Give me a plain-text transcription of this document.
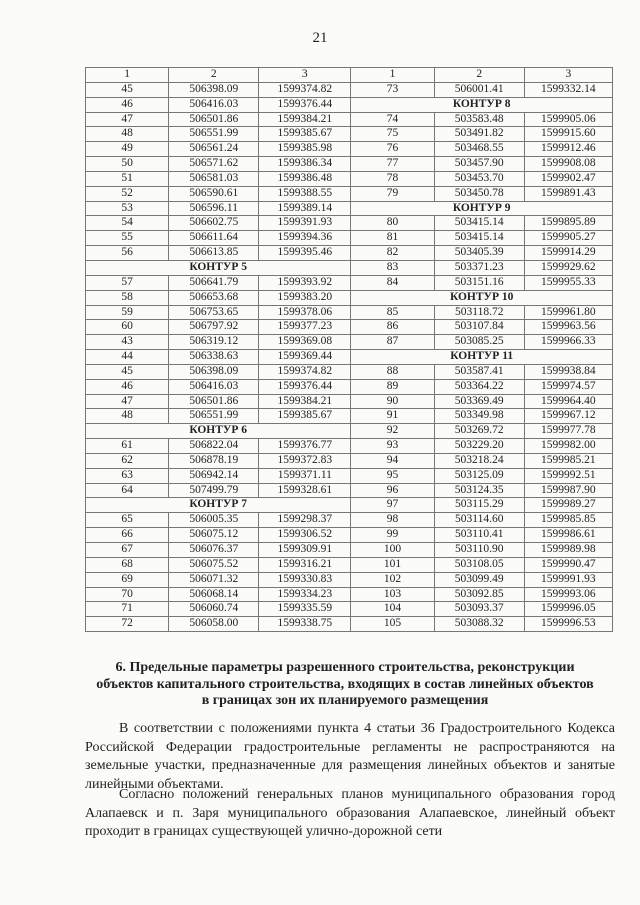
21
1	2	3	1	2	3
45	506398.09	1599374.82	73	506001.41	1599332.14
46	506416.03	1599376.44	КОНТУР 8		
47	506501.86	1599384.21	74	503583.48	1599905.06
48	506551.99	1599385.67	75	503491.82	1599915.60
49	506561.24	1599385.98	76	503468.55	1599912.46
50	506571.62	1599386.34	77	503457.90	1599908.08
51	506581.03	1599386.48	78	503453.70	1599902.47
52	506590.61	1599388.55	79	503450.78	1599891.43
53	506596.11	1599389.14	КОНТУР 9		
54	506602.75	1599391.93	80	503415.14	1599895.89
55	506611.64	1599394.36	81	503415.14	1599905.27
56	506613.85	1599395.46	82	503405.39	1599914.29
КОНТУР 5			83	503371.23	1599929.62
57	506641.79	1599393.92	84	503151.16	1599955.33
58	506653.68	1599383.20	КОНТУР 10		
59	506753.65	1599378.06	85	503118.72	1599961.80
60	506797.92	1599377.23	86	503107.84	1599963.56
43	506319.12	1599369.08	87	503085.25	1599966.33
44	506338.63	1599369.44	КОНТУР 11		
45	506398.09	1599374.82	88	503587.41	1599938.84
46	506416.03	1599376.44	89	503364.22	1599974.57
47	506501.86	1599384.21	90	503369.49	1599964.40
48	506551.99	1599385.67	91	503349.98	1599967.12
КОНТУР 6			92	503269.72	1599977.78
61	506822.04	1599376.77	93	503229.20	1599982.00
62	506878.19	1599372.83	94	503218.24	1599985.21
63	506942.14	1599371.11	95	503125.09	1599992.51
64	507499.79	1599328.61	96	503124.35	1599987.90
КОНТУР 7			97	503115.29	1599989.27
65	506005.35	1599298.37	98	503114.60	1599985.85
66	506075.12	1599306.52	99	503110.41	1599986.61
67	506076.37	1599309.91	100	503110.90	1599989.98
68	506075.52	1599316.21	101	503108.05	1599990.47
69	506071.32	1599330.83	102	503099.49	1599991.93
70	506068.14	1599334.23	103	503092.85	1599993.06
71	506060.74	1599335.59	104	503093.37	1599996.05
72	506058.00	1599338.75	105	503088.32	1599996.53
6. Предельные параметры разрешенного строительства, реконструкции объектов капитального строительства, входящих в состав линейных объектов в границах зон их планируемого размещения
В соответствии с положениями пункта 4 статьи 36 Градостроительного Кодекса Российской Федерации градостроительные регламенты не распространяются на земельные участки, предназначенные для размещения линейных объектов и занятые линейными объектами.
Согласно положений генеральных планов муниципального образования город Алапаевск и п. Заря муниципального образования Алапаевское, линейный объект проходит в границах существующей улично-дорожной сети
